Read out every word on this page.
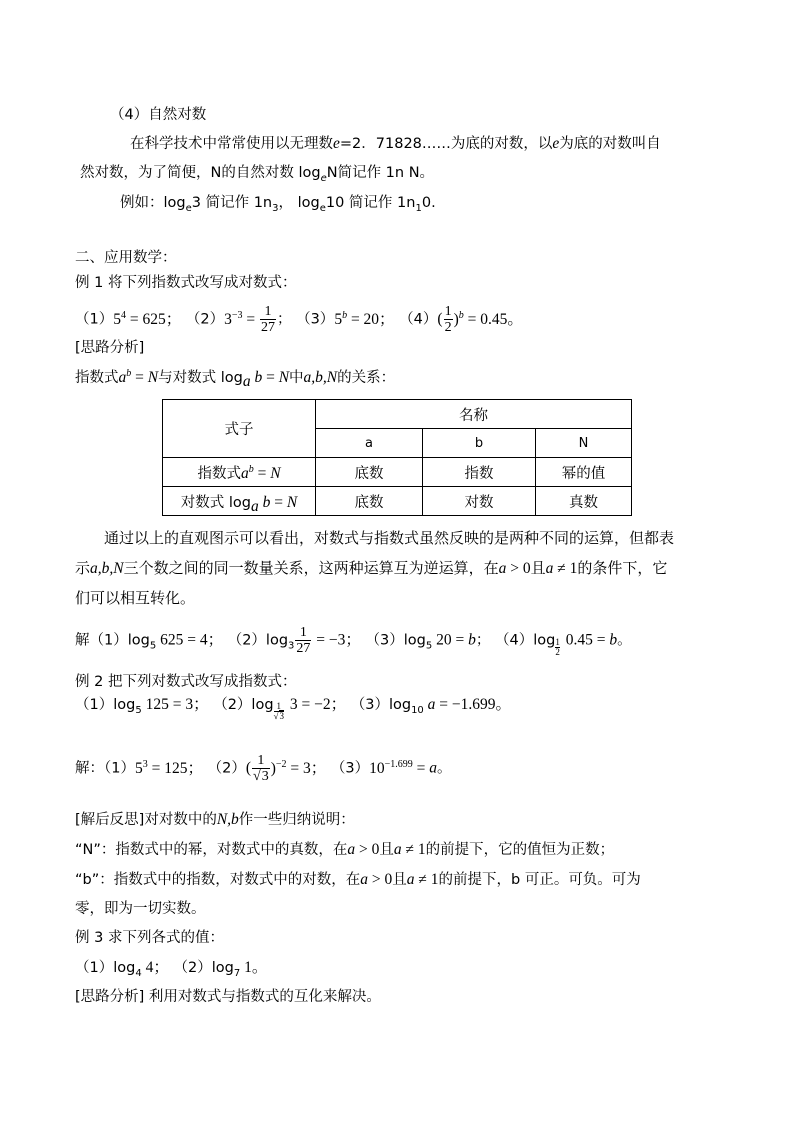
（4）自然对数
在科学技术中常常使用以无理数e=2．71828……为底的对数，以e为底的对数叫自
然对数，为了简便，N的自然对数 $\log_eN$简记作 1n N。
例如：$\log_e3$ 简记作 $1n_3$， $\log_e10$ 简记作 $1n_10$.
二、应用数学：
例 1 将下列指数式改写成对数式：
$(1)5^4 = 625$； $(2)3^{-3} = \frac{1}{27}$ ； $(3)5^b = 20$； $(4)( \frac{1}{2} )^b = 0.45$。
[思路分析]
指数式$a^b = N$与对数式 $\log_a b = N$中a,b,N的关系：
式子	名称		
	a	b	N
指数式$a^b = N$	底数	指数	幂的值
对数式 $\log_a b = N$	底数	对数	真数
通过以上的直观图示可以看出，对数式与指数式虽然反映的是两种不同的运算，但都表
示a,b,N三个数之间的同一数量关系，这两种运算互为逆运算，在a > 0且a ≠ 1的条件下，它
们可以相互转化。
解$(1)\log_5$ 625 = 4； $(2)\log_3 \frac{1}{27} = -3$； $(3)\log_5$ 20 = b； $(4)\log \frac{1}{2} 0.45 = b$。
例 2 把下列对数式改写成指数式：
$(1)\log_5$ 125 = 3； $(2)\log \frac{1}{√3} 3 = -2$； $(3)\log_{10}$ a = −1.699。
解：$(1)5^3 = 125$； $(2)( \frac{1}{√3} )^{-2} = 3$； $(3)10^{-1.699} = a$。
[解后反思]对对数中的N,b作一些归纳说明：
“N”：指数式中的幂，对数式中的真数，在a > 0且a ≠ 1的前提下，它的值恒为正数；
“b”：指数式中的指数，对数式中的对数，在a > 0且a ≠ 1的前提下，b 可正。可负。可为
零，即为一切实数。
例 3 求下列各式的值：
$(1)\log_4$ 4； $(2)\log_7$ 1。
[思路分析] 利用对数式与指数式的互化来解决。
